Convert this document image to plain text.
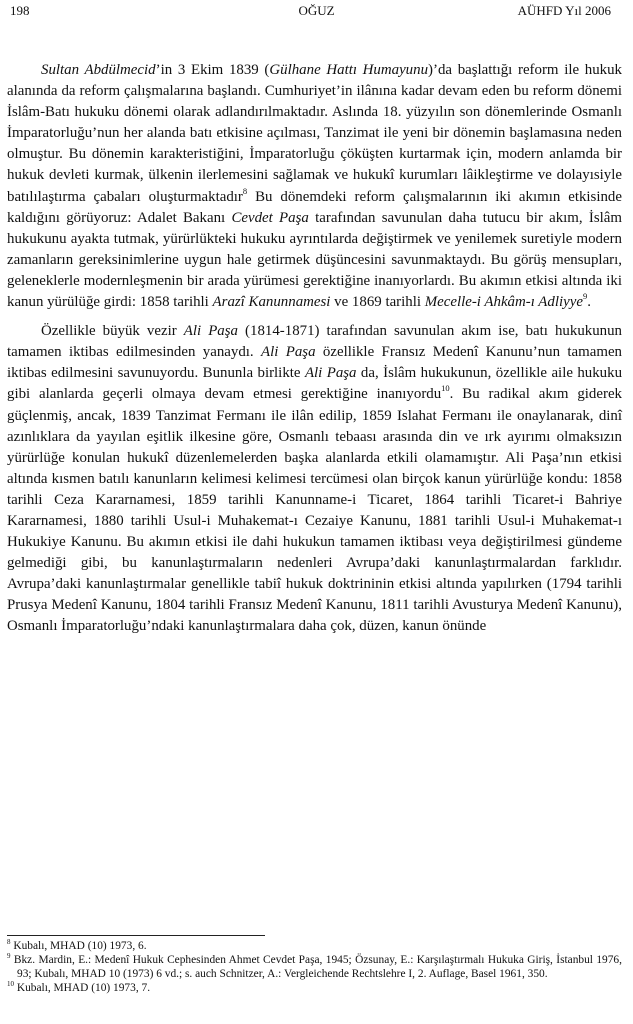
OĞUZ
198	AÜHFD Yıl 2006

Sultan Abdülmecid’in 3 Ekim 1839 (Gülhane Hattı Humayunu)’da başlattığı reform ile hukuk alanında da reform çalışmalarına başlandı. Cumhuriyet’in ilânına kadar devam eden bu reform dönemi İslâm-Batı hukuku dönemi olarak adlandırılmaktadır. Aslında 18. yüzyılın son dönemlerinde Osmanlı İmparatorluğu’nun her alanda batı etkisine açılması, Tanzimat ile yeni bir dönemin başlamasına neden olmuştur. Bu dönemin karakteristiğini, İmparatorluğu çöküşten kurtarmak için, modern anlamda bir hukuk devleti kurmak, ülkenin ilerlemesini sağlamak ve hukukî kurumları lâikleştirme ve dolayısiyle batılılaştırma çabaları oluşturmaktadır$^8$ Bu dönemdeki reform çalışmalarının iki akımın etkisinde kaldığını görüyoruz: Adalet Bakanı Cevdet Paşa tarafından savunulan daha tutucu bir akım, İslâm hukukunu ayakta tutmak, yürürlükteki hukuku ayrıntılarda değiştirmek ve yenilemek suretiyle modern zamanların gereksinimlerine uygun hale getirmek düşüncesini savunmaktaydı. Bu görüş mensupları, geleneklerle modernleşmenin bir arada yürümesi gerektiğine inanıyorlardı. Bu akımın etkisi altında iki kanun yürülüğe girdi: 1858 tarihli Arazî Kanunnamesi ve 1869 tarihli Mecelle-i Ahkâm-ı Adliyye$^9$.

Özellikle büyük vezir Ali Paşa (1814-1871) tarafından savunulan akım ise, batı hukukunun tamamen iktibas edilmesinden yanaydı. Ali Paşa özellikle Fransız Medenî Kanunu’nun tamamen iktibas edilmesini savunuyordu. Bununla birlikte Ali Paşa da, İslâm hukukunun, özellikle aile hukuku gibi alanlarda geçerli olmaya devam etmesi gerektiğine inanıyordu$^{10}$. Bu radikal akım giderek güçlenmiş, ancak, 1839 Tanzimat Fermanı ile ilân edilip, 1859 Islahat Fermanı ile onaylanarak, dinî azınlıklara da yayılan eşitlik ilkesine göre, Osmanlı tebaası arasında din ve ırk ayırımı olmaksızın yürürlüğe konulan hukukî düzenlemelerden başka alanlarda etkili olamamıştır. Ali Paşa’nın etkisi altında kısmen batılı kanunların kelimesi kelimesi tercümesi olan birçok kanun yürürlüğe kondu: 1858 tarihli Ceza Kararnamesi, 1859 tarihli Kanunname-i Ticaret, 1864 tarihli Ticaret-i Bahriye Kararnamesi, 1880 tarihli Usul-i Muhakemat-ı Cezaiye Kanunu, 1881 tarihli Usul-i Muhakemat-ı Hukukiye Kanunu. Bu akımın etkisi ile dahi hukukun tamamen iktibası veya değiştirilmesi gündeme gelmediği gibi, bu kanunlaştırmaların nedenleri Avrupa’daki kanunlaştırmalardan farklıdır. Avrupa’daki kanunlaştırmalar genellikle tabiî hukuk doktrininin etkisi altında yapılırken (1794 tarihli Prusya Medenî Kanunu, 1804 tarihli Fransız Medenî Kanunu, 1811 tarihli Avusturya Medenî Kanunu), Osmanlı İmparatorluğu’ndaki kanunlaştırmalara daha çok, düzen, kanun önünde

$^8$ Kubalı, MHAD (10) 1973, 6.
$^9$ Bkz. Mardin, E.: Medenî Hukuk Cephesinden Ahmet Cevdet Paşa, 1945; Özsunay, E.: Karşılaştırmalı Hukuka Giriş, İstanbul 1976, 93; Kubalı, MHAD 10 (1973) 6 vd.; s. auch Schnitzer, A.: Vergleichende Rechtslehre I, 2. Auflage, Basel 1961, 350.
$^{10}$ Kubalı, MHAD (10) 1973, 7.
